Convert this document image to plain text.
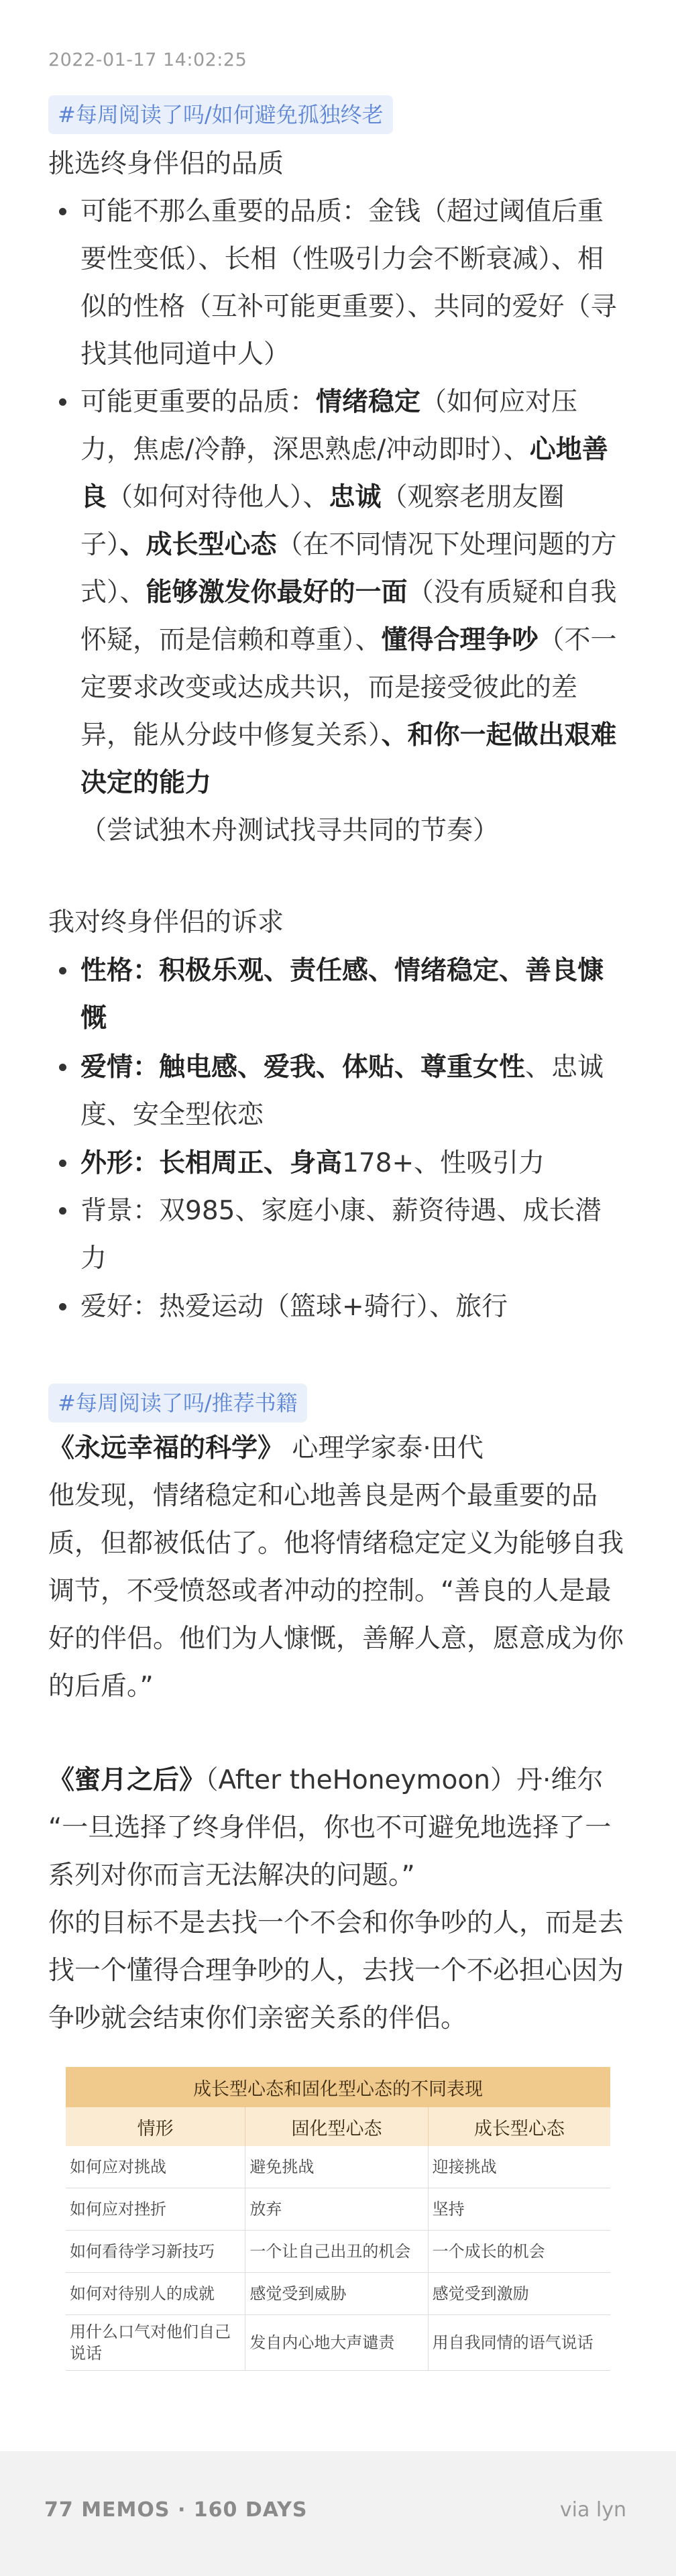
2022-01-17 14:02:25
#每周阅读了吗/如何避免孤独终老
挑选终身伴侣的品质
可能不那么重要的品质：金钱（超过阈值后重要性变低）、长相（性吸引力会不断衰减）、相似的性格（互补可能更重要）、共同的爱好（寻找其他同道中人）
可能更重要的品质：情绪稳定（如何应对压力，焦虑/冷静，深思熟虑/冲动即时）、心地善良（如何对待他人）、忠诚（观察老朋友圈子）、成长型心态（在不同情况下处理问题的方式）、能够激发你最好的一面（没有质疑和自我怀疑，而是信赖和尊重）、懂得合理争吵（不一定要求改变或达成共识，而是接受彼此的差异，能从分歧中修复关系）、和你一起做出艰难决定的能力（尝试独木舟测试找寻共同的节奏）
我对终身伴侣的诉求
性格：积极乐观、责任感、情绪稳定、善良慷慨
爱情：触电感、爱我、体贴、尊重女性、忠诚度、安全型依恋
外形：长相周正、身高178+、性吸引力
背景：双985、家庭小康、薪资待遇、成长潜力
爱好：热爱运动（篮球+骑行）、旅行
#每周阅读了吗/推荐书籍
《永远幸福的科学》 心理学家泰·田代
他发现，情绪稳定和心地善良是两个最重要的品质，但都被低估了。他将情绪稳定定义为能够自我调节，不受愤怒或者冲动的控制。“善良的人是最好的伴侣。他们为人慷慨，善解人意，愿意成为你的后盾。”
《蜜月之后》（After theHoneymoon）丹·维尔
“一旦选择了终身伴侣，你也不可避免地选择了一系列对你而言无法解决的问题。”
你的目标不是去找一个不会和你争吵的人，而是去找一个懂得合理争吵的人，去找一个不必担心因为争吵就会结束你们亲密关系的伴侣。
成长型心态和固化型心态的不同表现		
情形	固化型心态	成长型心态
如何应对挑战	避免挑战	迎接挑战
如何应对挫折	放弃	坚持
如何看待学习新技巧	一个让自己出丑的机会	一个成长的机会
如何对待别人的成就	感觉受到威胁	感觉受到激励
用什么口气对他们自己说话	发自内心地大声谴责	用自我同情的语气说话
77 MEMOS · 160 DAYS	via lyn
